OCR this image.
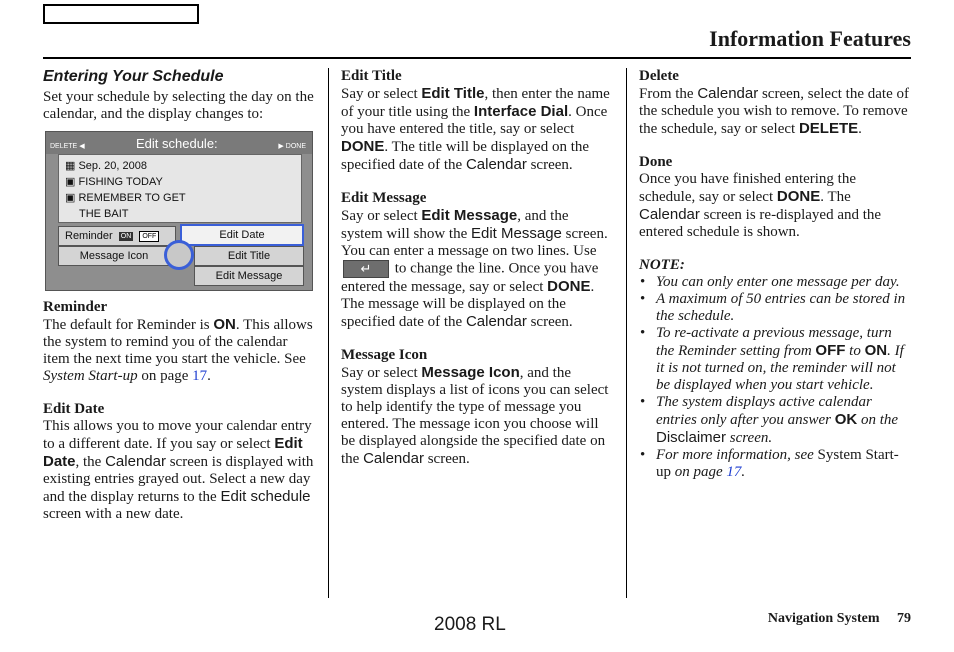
Information Features
Entering Your Schedule

Set your schedule by selecting the day on the calendar, and the display changes to:

DELETE ◀	Edit schedule:	▶ DONE
▦ Sep. 20, 2008
▣ FISHING TODAY
▣ REMEMBER TO GET
THE BAIT
Reminder ON OFF
Message Icon
Edit Date
Edit Title
Edit Message
Reminder

The default for Reminder is ON. This allows the system to remind you of the calendar item the next time you start the vehicle. See System Start-up on page 17.

Edit Date

This allows you to move your calendar entry to a different date. If you say or select Edit Date, the Calendar screen is displayed with existing entries grayed out. Select a new day and the display returns to the Edit schedule screen with a new date.

Edit Title

Say or select Edit Title, then enter the name of your title using the Interface Dial. Once you have entered the title, say or select DONE. The title will be displayed on the specified date of the Calendar screen.

Edit Message

Say or select Edit Message, and the system will show the Edit Message screen. You can enter a message on two lines. Use ↵ to change the line. Once you have entered the message, say or select DONE. The message will be displayed on the specified date of the Calendar screen.

Message Icon

Say or select Message Icon, and the system displays a list of icons you can select to help identify the type of message you entered. The message icon you choose will be displayed alongside the specified date on the Calendar screen.

Delete

From the Calendar screen, select the date of the schedule you wish to remove. To remove the schedule, say or select DELETE.

Done

Once you have finished entering the schedule, say or select DONE. The Calendar screen is re-displayed and the entered schedule is shown.

NOTE:
• You can only enter one message per day.
• A maximum of 50 entries can be stored in the schedule.
• To re-activate a previous message, turn the Reminder setting from OFF to ON. If it is not turned on, the reminder will not be displayed when you start vehicle.
• The system displays active calendar entries only after you answer OK on the Disclaimer screen.
• For more information, see System Start-up on page 17.
2008 RL	Navigation System 79
